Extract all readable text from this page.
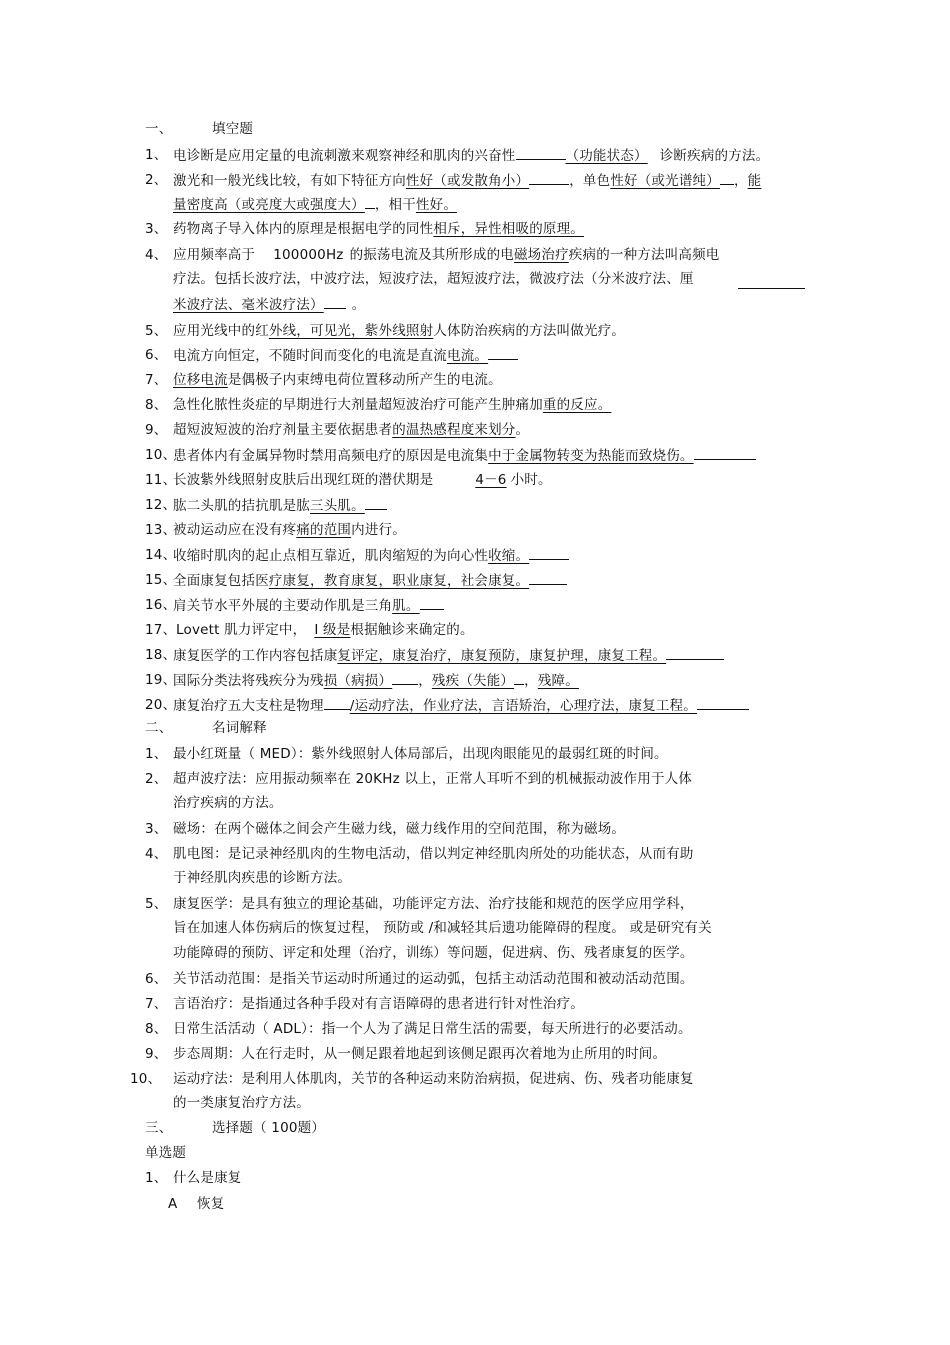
一、	填空题
1、 电诊断是应用定量的电流刺激来观察神经和肌肉的兴奋性	（功能状态） 诊断疾病的方法。
2、 激光和一般光线比较，有如下特征方向性好（或发散角小）	，单色性好（或光谱纯） ，能
量密度高（或亮度大或强度大） ，相干性好。
3、 药物离子导入体内的原理是根据电学的同性相斥，异性相吸的原理。
4、 应用频率高于 100000Hz 的振荡电流及其所形成的电磁场治疗疾病的一种方法叫高频电
疗法。包括长波疗法，中波疗法，短波疗法，超短波疗法，微波疗法（分米波疗法、厘
米波疗法、毫米波疗法） 。
5、 应用光线中的红外线，可见光，紫外线照射人体防治疾病的方法叫做光疗。
6、 电流方向恒定，不随时间而变化的电流是直流电流。
7、 位移电流是偶极子内束缚电荷位置移动所产生的电流。
8、 急性化脓性炎症的早期进行大剂量超短波治疗可能产生肿痛加重的反应。
9、 超短波短波的治疗剂量主要依据患者的温热感程度来划分。
10、
患者体内有金属异物时禁用高频电疗的原因是电流集中于金属物转变为热能而致烧伤。
11、
长波紫外线照射皮肤后出现红斑的潜伏期是	4－6 小时。
12、
肱二头肌的拮抗肌是肱三头肌。
13、
被动运动应在没有疼痛的范围内进行。
14、
收缩时肌肉的起止点相互靠近，肌肉缩短的为向心性收缩。
15、
全面康复包括医疗康复，教育康复，职业康复，社会康复。
16、
肩关节水平外展的主要动作肌是三角肌。
17、 Lovett 肌力评定中， I 级是根据触诊来确定的。
18、
康复医学的工作内容包括康复评定，康复治疗，康复预防，康复护理，康复工程。
19、
国际分类法将残疾分为残损（病损） ，残疾（失能） ，残障。
20、
康复治疗五大支柱是物理 /运动疗法，作业疗法，言语矫治，心理疗法，康复工程。
二、	名词解释
1、 最小红斑量（ MED）：紫外线照射人体局部后，出现肉眼能见的最弱红斑的时间。
2、 超声波疗法：应用振动频率在 20KHz 以上，正常人耳听不到的机械振动波作用于人体
治疗疾病的方法。
3、 磁场：在两个磁体之间会产生磁力线，磁力线作用的空间范围，称为磁场。
4、 肌电图：是记录神经肌肉的生物电活动，借以判定神经肌肉所处的功能状态，从而有助
于神经肌肉疾患的诊断方法。
5、 康复医学：是具有独立的理论基础，功能评定方法、治疗技能和规范的医学应用学科，
旨在加速人体伤病后的恢复过程， 预防或 /和减轻其后遗功能障碍的程度。 或是研究有关
功能障碍的预防、评定和处理（治疗，训练）等问题，促进病、伤、残者康复的医学。
6、 关节活动范围：是指关节运动时所通过的运动弧，包括主动活动范围和被动活动范围。
7、 言语治疗：是指通过各种手段对有言语障碍的患者进行针对性治疗。
8、 日常生活活动（ ADL）：指一个人为了满足日常生活的需要，每天所进行的必要活动。
9、 步态周期：人在行走时，从一侧足跟着地起到该侧足跟再次着地为止所用的时间。
10、 运动疗法：是利用人体肌肉，关节的各种运动来防治病损，促进病、伤、残者功能康复
的一类康复治疗方法。
三、	选择题（ 100题）
单选题
1、 什么是康复
A 恢复
